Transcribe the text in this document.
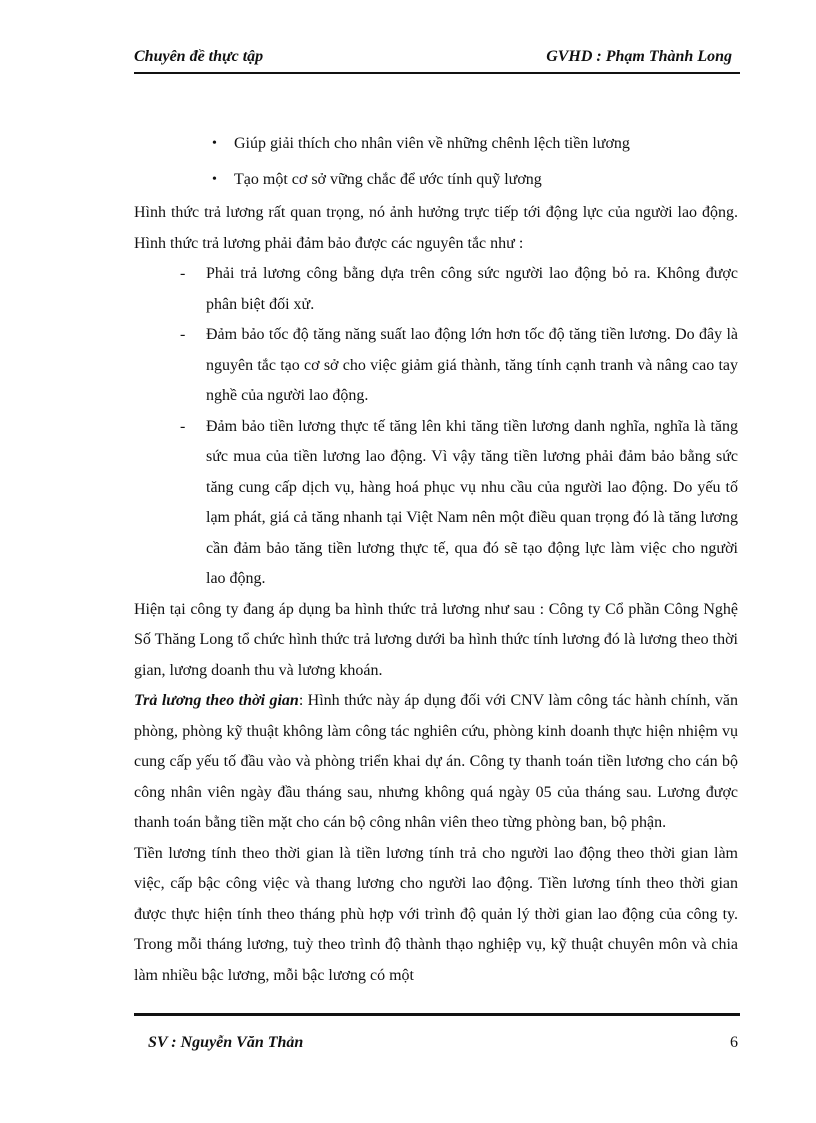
Chuyên đề thực tập	GVHD : Phạm Thành Long
• Giúp giải thích cho nhân viên về những chênh lệch tiền lương
• Tạo một cơ sở vững chắc để ước tính quỹ lương

Hình thức trả lương rất quan trọng, nó ảnh hưởng trực tiếp tới động lực của người lao động. Hình thức trả lương phải đảm bảo được các nguyên tắc như :

- Phải trả lương công bằng dựa trên công sức người lao động bỏ ra. Không được phân biệt đối xử.
- Đảm bảo tốc độ tăng năng suất lao động lớn hơn tốc độ tăng tiền lương. Do đây là nguyên tắc tạo cơ sở cho việc giảm giá thành, tăng tính cạnh tranh và nâng cao tay nghề của người lao động.
- Đảm bảo tiền lương thực tế tăng lên khi tăng tiền lương danh nghĩa, nghĩa là tăng sức mua của tiền lương lao động. Vì vậy tăng tiền lương phải đảm bảo bằng sức tăng cung cấp dịch vụ, hàng hoá phục vụ nhu cầu của người lao động. Do yếu tố lạm phát, giá cả tăng nhanh tại Việt Nam nên một điều quan trọng đó là tăng lương cần đảm bảo tăng tiền lương thực tế, qua đó sẽ tạo động lực làm việc cho người lao động.

Hiện tại công ty đang áp dụng ba hình thức trả lương như sau : Công ty Cổ phần Công Nghệ Số Thăng Long tổ chức hình thức trả lương dưới ba hình thức tính lương đó là lương theo thời gian, lương doanh thu và lương khoán.

Trả lương theo thời gian: Hình thức này áp dụng đối với CNV làm công tác hành chính, văn phòng, phòng kỹ thuật không làm công tác nghiên cứu, phòng kinh doanh thực hiện nhiệm vụ cung cấp yếu tố đầu vào và phòng triển khai dự án. Công ty thanh toán tiền lương cho cán bộ công nhân viên ngày đầu tháng sau, nhưng không quá ngày 05 của tháng sau. Lương được thanh toán bằng tiền mặt cho cán bộ công nhân viên theo từng phòng ban, bộ phận.

Tiền lương tính theo thời gian là tiền lương tính trả cho người lao động theo thời gian làm việc, cấp bậc công việc và thang lương cho người lao động. Tiền lương tính theo thời gian được thực hiện tính theo tháng phù hợp với trình độ quản lý thời gian lao động của công ty. Trong mỗi tháng lương, tuỳ theo trình độ thành thạo nghiệp vụ, kỹ thuật chuyên môn và chia làm nhiều bậc lương, mỗi bậc lương có một

SV : Nguyễn Văn Thản	6
